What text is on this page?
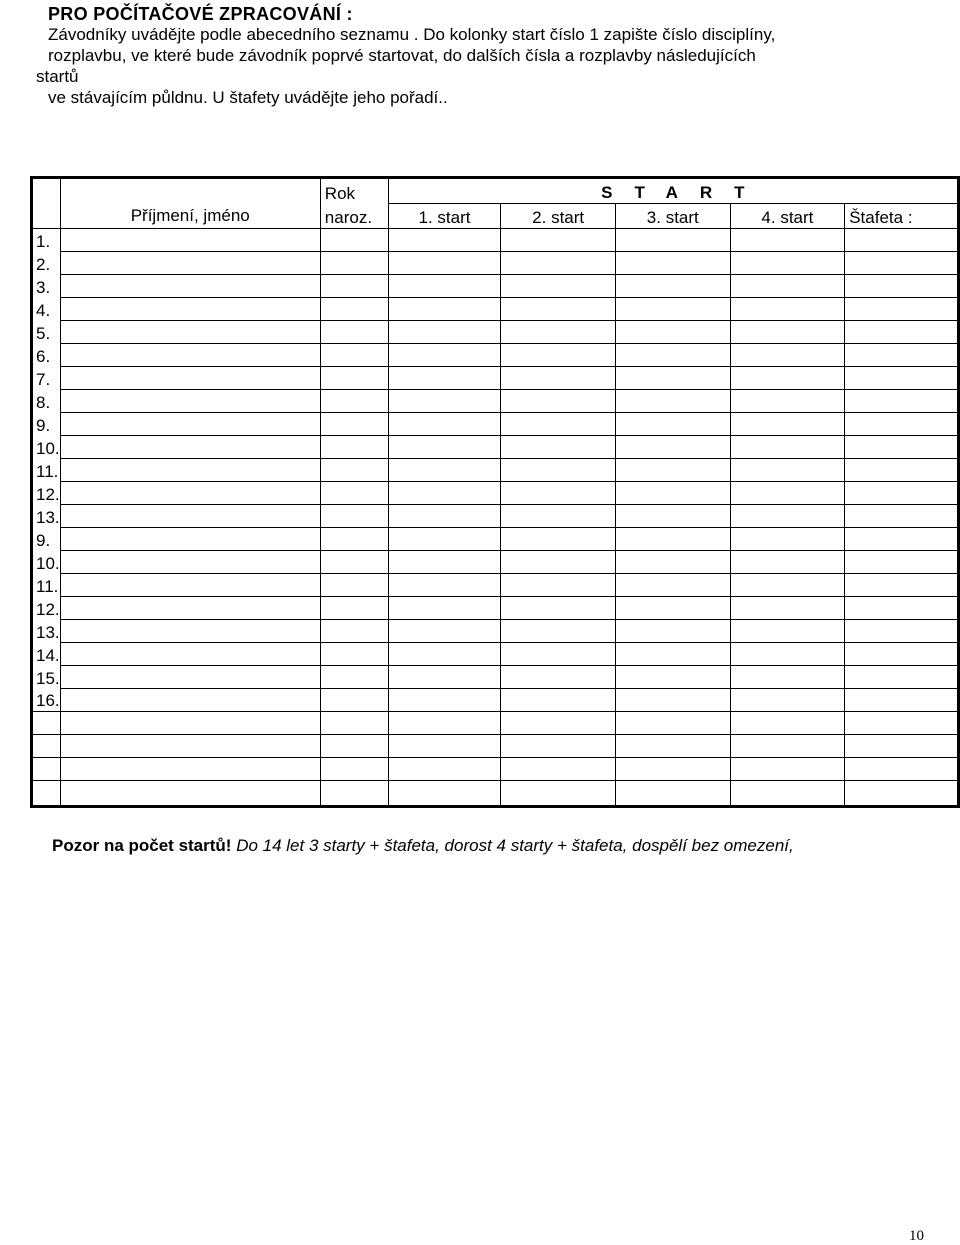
PRO POČÍTAČOVÉ ZPRACOVÁNÍ :
Závodníky uvádějte podle abecedního seznamu . Do kolonky start číslo 1 zapište číslo disciplíny,
rozplavbu, ve které bude závodník poprvé startovat, do dalších čísla a rozplavby následujících
startů
ve stávajícím půldnu. U štafety uvádějte jeho pořadí..
	Příjmení, jméno	Rok	START				
		naroz.	1. start	2. start	3. start	4. start	Štafeta :
1.							
2.							
3.							
4.							
5.							
6.							
7.							
8.							
9.							
10.							
11.							
12.							
13.							
9.							
10.							
11.							
12.							
13.							
14.							
15.							
16.							

Pozor na počet startů! Do 14 let 3 starty + štafeta, dorost 4 starty + štafeta, dospělí bez omezení,
10
